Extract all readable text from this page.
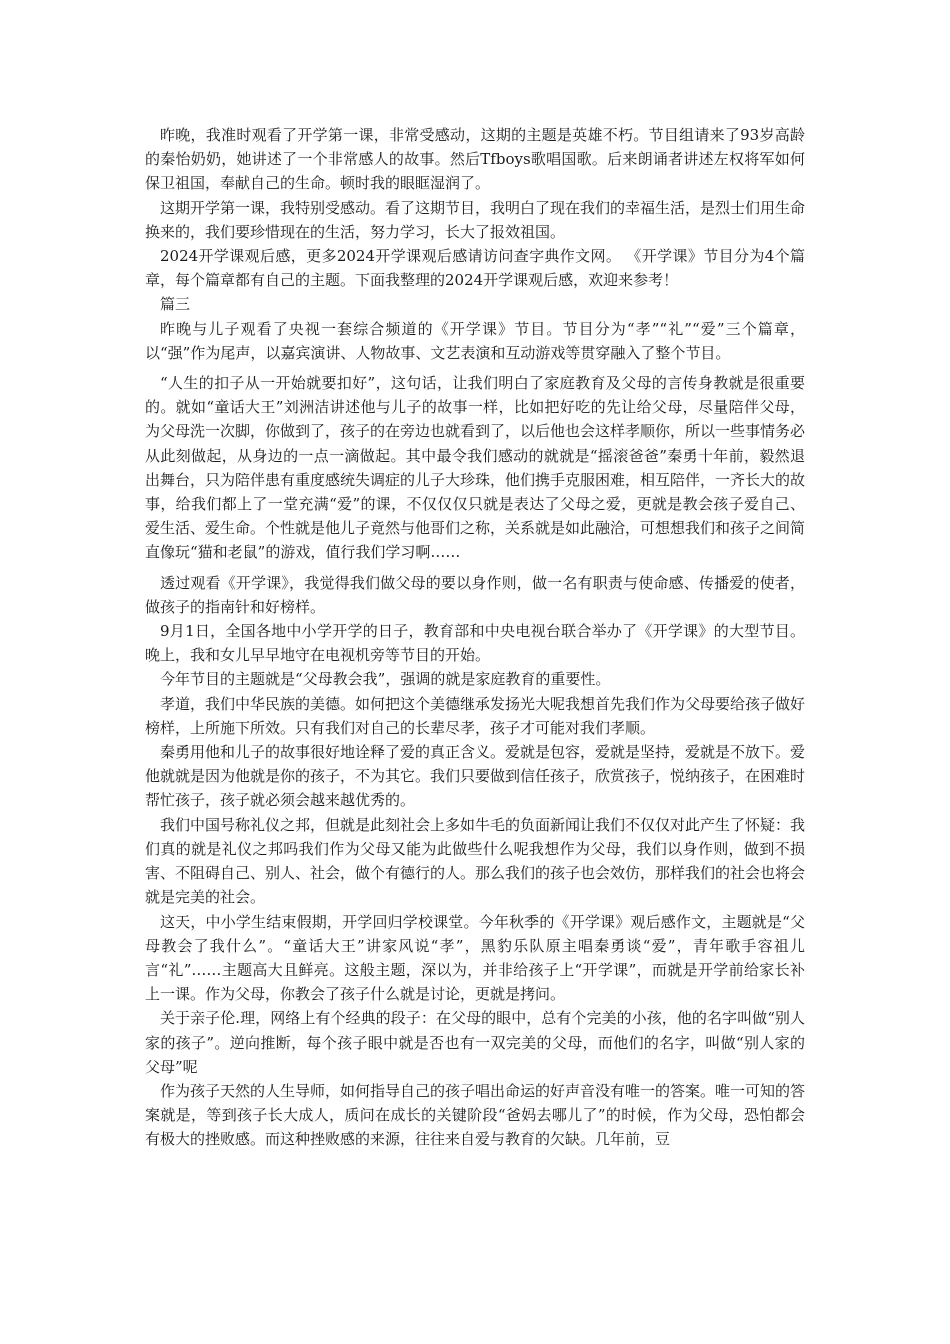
昨晚，我准时观看了开学第一课，非常受感动，这期的主题是英雄不朽。节目组请来了93岁高龄的秦怡奶奶，她讲述了一个非常感人的故事。然后Tfboys歌唱国歌。后来朗诵者讲述左权将军如何保卫祖国，奉献自己的生命。顿时我的眼眶湿润了。

这期开学第一课，我特别受感动。看了这期节目，我明白了现在我们的幸福生活，是烈士们用生命换来的，我们要珍惜现在的生活，努力学习，长大了报效祖国。

2024开学课观后感，更多2024开学课观后感请访问查字典作文网。 《开学课》节目分为4个篇章，每个篇章都有自己的主题。下面我整理的2024开学课观后感，欢迎来参考！

篇三

昨晚与儿子观看了央视一套综合频道的《开学课》节目。节目分为“孝”“礼”“爱”三个篇章，以“强”作为尾声，以嘉宾演讲、人物故事、文艺表演和互动游戏等贯穿融入了整个节目。

“人生的扣子从一开始就要扣好”，这句话，让我们明白了家庭教育及父母的言传身教就是很重要的。就如“童话大王”刘洲洁讲述他与儿子的故事一样，比如把好吃的先让给父母，尽量陪伴父母，为父母洗一次脚，你做到了，孩子的在旁边也就看到了，以后他也会这样孝顺你，所以一些事情务必从此刻做起，从身边的一点一滴做起。其中最令我们感动的就就是“摇滚爸爸”秦勇十年前，毅然退出舞台，只为陪伴患有重度感统失调症的儿子大珍珠，他们携手克服困难，相互陪伴，一齐长大的故事，给我们都上了一堂充满“爱”的课，不仅仅仅只就是表达了父母之爱，更就是教会孩子爱自己、爱生活、爱生命。个性就是他儿子竟然与他哥们之称，关系就是如此融洽，可想想我们和孩子之间简直像玩“猫和老鼠”的游戏，值行我们学习啊……

透过观看《开学课》，我觉得我们做父母的要以身作则，做一名有职责与使命感、传播爱的使者，做孩子的指南针和好榜样。

9月1日，全国各地中小学开学的日子，教育部和中央电视台联合举办了《开学课》的大型节目。晚上，我和女儿早早地守在电视机旁等节目的开始。

今年节目的主题就是“父母教会我”，强调的就是家庭教育的重要性。

孝道，我们中华民族的美德。如何把这个美德继承发扬光大呢我想首先我们作为父母要给孩子做好榜样，上所施下所效。只有我们对自己的长辈尽孝，孩子才可能对我们孝顺。

秦勇用他和儿子的故事很好地诠释了爱的真正含义。爱就是包容，爱就是坚持，爱就是不放下。爱他就就是因为他就是你的孩子，不为其它。我们只要做到信任孩子，欣赏孩子，悦纳孩子，在困难时帮忙孩子，孩子就必须会越来越优秀的。

我们中国号称礼仪之邦，但就是此刻社会上多如牛毛的负面新闻让我们不仅仅对此产生了怀疑：我们真的就是礼仪之邦吗我们作为父母又能为此做些什么呢我想作为父母，我们以身作则，做到不损害、不阻碍自己、别人、社会，做个有德行的人。那么我们的孩子也会效仿，那样我们的社会也将会就是完美的社会。

这天，中小学生结束假期，开学回归学校课堂。今年秋季的《开学课》观后感作文，主题就是“父母教会了我什么”。“童话大王”讲家风说“孝”，黑豹乐队原主唱秦勇谈“爱”，青年歌手容祖儿言“礼”……主题高大且鲜亮。这般主题，深以为，并非给孩子上“开学课”，而就是开学前给家长补上一课。作为父母，你教会了孩子什么就是讨论，更就是拷问。

关于亲子伦.理，网络上有个经典的段子：在父母的眼中，总有个完美的小孩，他的名字叫做“别人家的孩子”。逆向推断，每个孩子眼中就是否也有一双完美的父母，而他们的名字，叫做“别人家的父母”呢

作为孩子天然的人生导师，如何指导自己的孩子唱出命运的好声音没有唯一的答案。唯一可知的答案就是，等到孩子长大成人，质问在成长的关键阶段“爸妈去哪儿了”的时候，作为父母，恐怕都会有极大的挫败感。而这种挫败感的来源，往往来自爱与教育的欠缺。几年前，豆
